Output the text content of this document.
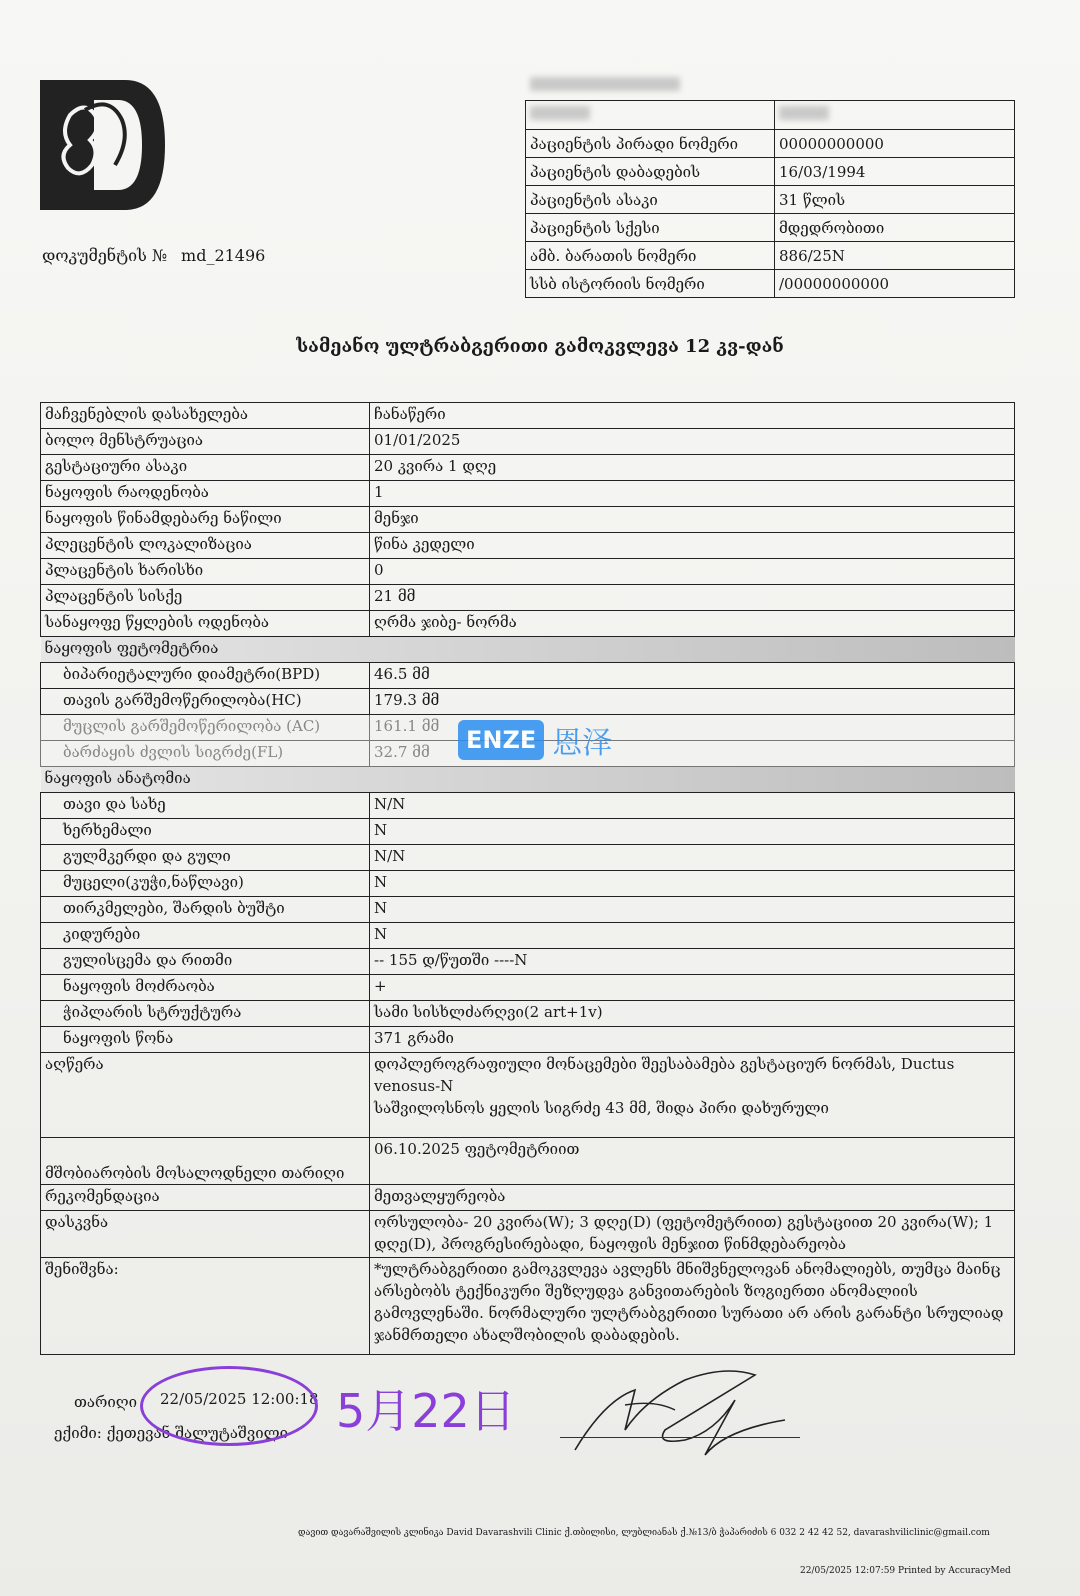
პაციენტის პირადი ნომერი	00000000000
პაციენტის დაბადების	16/03/1994
პაციენტის ასაკი	31 წლის
პაციენტის სქესი	მდედრობითი
ამბ. ბარათის ნომერი	886/25N
სსბ ისტორიის ნომერი	/00000000000
დოკუმენტის № md_21496
სამეანო ულტრაბგერითი გამოკვლევა 12 კვ-დან
მაჩვენებლის დასახელება	ჩანაწერი
ბოლო მენსტრუაცია	01/01/2025
გესტაციური ასაკი	20 კვირა 1 დღე
ნაყოფის რაოდენობა	1
ნაყოფის წინამდებარე ნაწილი	მენჯი
პლეცენტის ლოკალიზაცია	წინა კედელი
პლაცენტის ხარისხი	0
პლაცენტის სისქე	21 მმ
სანაყოფე წყლების ოდენობა	ღრმა ჯიბე- ნორმა
ნაყოფის ფეტომეტრია	
ბიპარიეტალური დიამეტრი(BPD)	46.5 მმ
თავის გარშემოწერილობა(HC)	179.3 მმ
მუცლის გარშემოწერილობა (AC)	161.1 მმ
ბარძაყის ძვლის სიგრძე(FL)	32.7 მმ
ნაყოფის ანატომია	
თავი და სახე	N/N
ხერხემალი	N
გულმკერდი და გული	N/N
მუცელი(კუჭი,ნაწლავი)	N
თირკმელები, შარდის ბუშტი	N
კიდურები	N
გულისცემა და რითმი	-- 155 დ/წუთში ----N
ნაყოფის მოძრაობა	+
ჭიპლარის სტრუქტურა	სამი სისხლძარღვი(2 art+1v)
ნაყოფის წონა	371 გრამი
აღწერა	დოპლეროგრაფიული მონაცემები შეესაბამება გესტაციურ ნორმას, Ductus venosus-N
საშვილოსნოს ყელის სიგრძე 43 მმ, შიდა პირი დახურული

მშობიარობის მოსალოდნელი თარიღი	06.10.2025 ფეტომეტრიით
რეკომენდაცია	მეთვალყურეობა
დასკვნა	ორსულობა- 20 კვირა(W); 3 დღე(D) (ფეტომეტრიით) გესტაციით 20 კვირა(W); 1 დღე(D), პროგრესირებადი, ნაყოფის მენჯით წინმდებარეობა
შენიშვნა:	*ულტრაბგერითი გამოკვლევა ავლენს მნიშვნელოვან ანომალიებს, თუმცა მაინც არსებობს ტექნიკური შეზღუდვა განვითარების ზოგიერთი ანომალიის გამოვლენაში. ნორმალური ულტრაბგერითი სურათი არ არის გარანტი სრულიად ჯანმრთელი ახალშობილის დაბადების.
ENZE 恩泽
თარიღი 22/05/2025 12:00:18
ექიმი: ქეთევან შალუტაშვილი 5月22日
დავით დავარაშვილის კლინიკა David Davarashvili Clinic ქ.თბილისი, ლუბლიანას ქ.№13/ბ ჭაპარიძის 6 032 2 42 42 52, davarashviliclinic@gmail.com
22/05/2025 12:07:59 Printed by AccuracyMed
